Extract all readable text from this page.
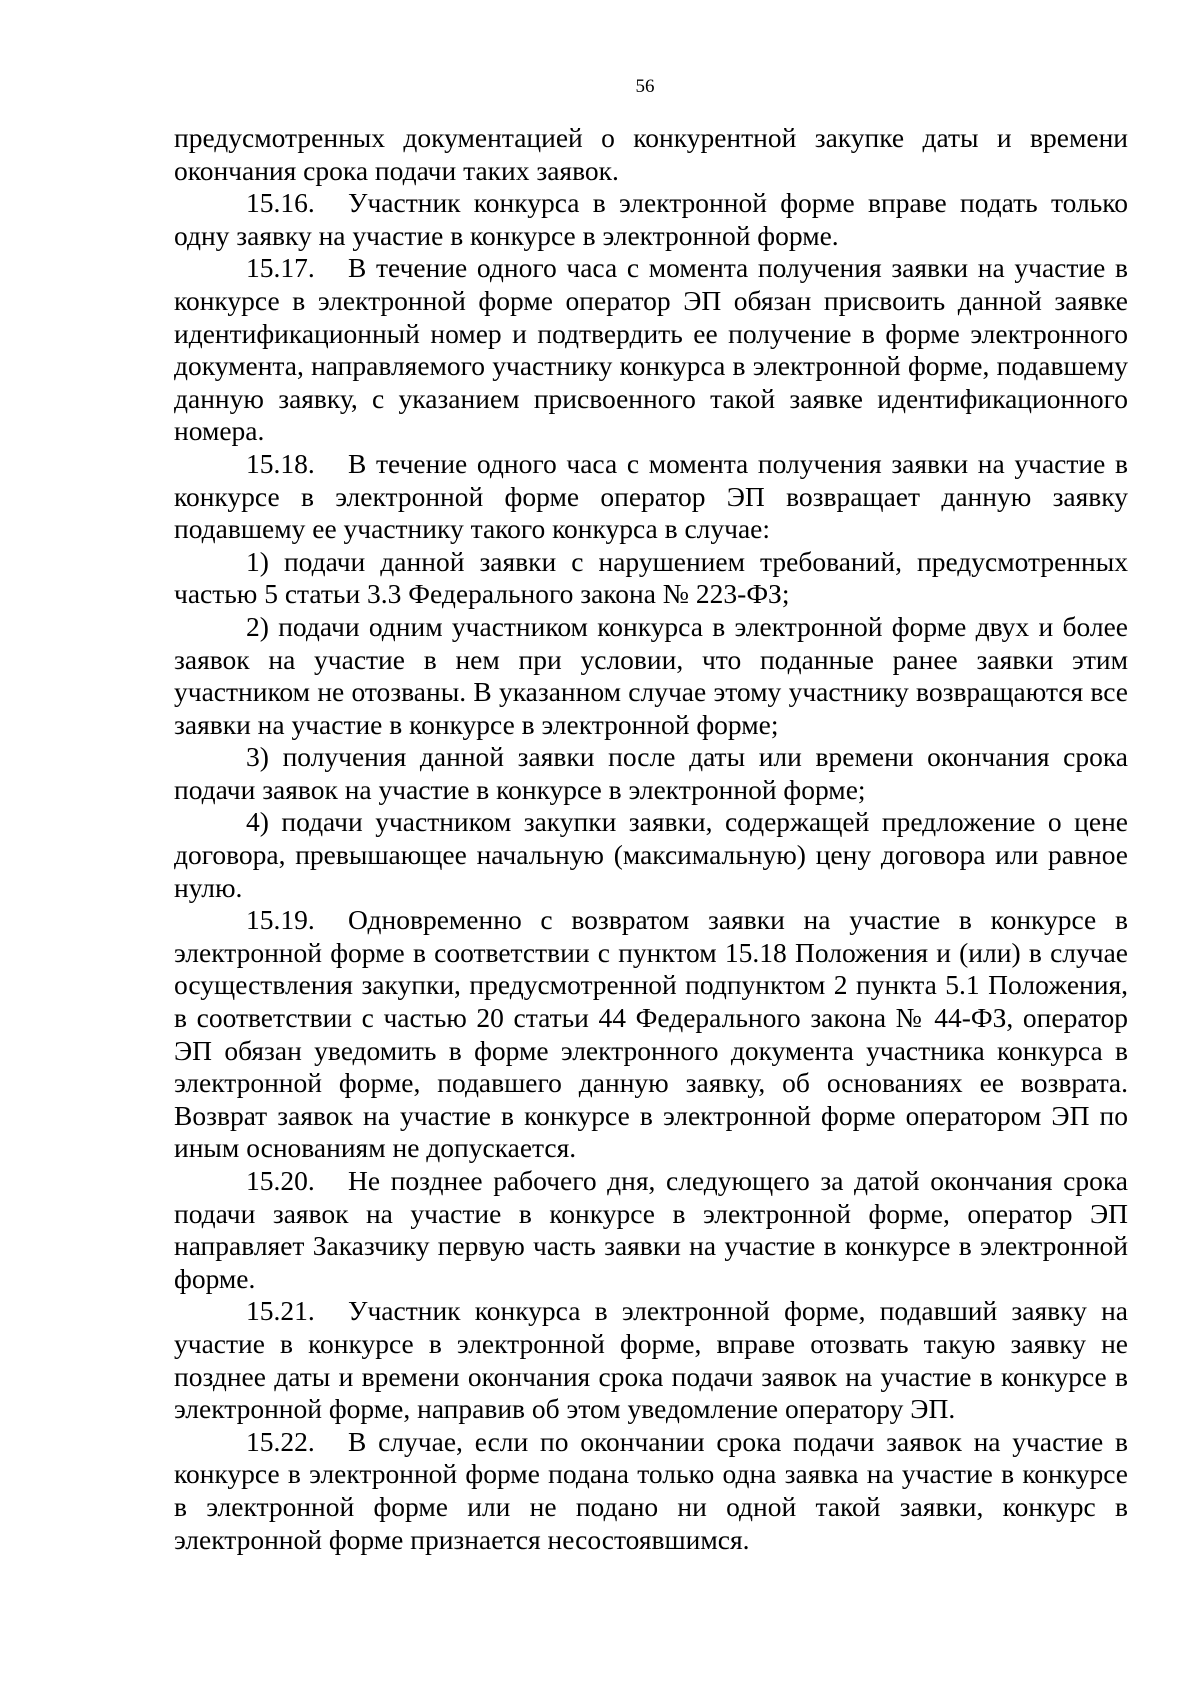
56

предусмотренных документацией о конкурентной закупке даты и времени окончания срока подачи таких заявок.

15.16. Участник конкурса в электронной форме вправе подать только одну заявку на участие в конкурсе в электронной форме.

15.17. В течение одного часа с момента получения заявки на участие в конкурсе в электронной форме оператор ЭП обязан присвоить данной заявке идентификационный номер и подтвердить ее получение в форме электронного документа, направляемого участнику конкурса в электронной форме, подавшему данную заявку, с указанием присвоенного такой заявке идентификационного номера.

15.18. В течение одного часа с момента получения заявки на участие в конкурсе в электронной форме оператор ЭП возвращает данную заявку подавшему ее участнику такого конкурса в случае:

1) подачи данной заявки с нарушением требований, предусмотренных частью 5 статьи 3.3 Федерального закона № 223-ФЗ;

2) подачи одним участником конкурса в электронной форме двух и более заявок на участие в нем при условии, что поданные ранее заявки этим участником не отозваны. В указанном случае этому участнику возвращаются все заявки на участие в конкурсе в электронной форме;

3) получения данной заявки после даты или времени окончания срока подачи заявок на участие в конкурсе в электронной форме;

4) подачи участником закупки заявки, содержащей предложение о цене договора, превышающее начальную (максимальную) цену договора или равное нулю.

15.19. Одновременно с возвратом заявки на участие в конкурсе в электронной форме в соответствии с пунктом 15.18 Положения и (или) в случае осуществления закупки, предусмотренной подпунктом 2 пункта 5.1 Положения, в соответствии с частью 20 статьи 44 Федерального закона № 44-ФЗ, оператор ЭП обязан уведомить в форме электронного документа участника конкурса в электронной форме, подавшего данную заявку, об основаниях ее возврата. Возврат заявок на участие в конкурсе в электронной форме оператором ЭП по иным основаниям не допускается.

15.20. Не позднее рабочего дня, следующего за датой окончания срока подачи заявок на участие в конкурсе в электронной форме, оператор ЭП направляет Заказчику первую часть заявки на участие в конкурсе в электронной форме.

15.21. Участник конкурса в электронной форме, подавший заявку на участие в конкурсе в электронной форме, вправе отозвать такую заявку не позднее даты и времени окончания срока подачи заявок на участие в конкурсе в электронной форме, направив об этом уведомление оператору ЭП.

15.22. В случае, если по окончании срока подачи заявок на участие в конкурсе в электронной форме подана только одна заявка на участие в конкурсе в электронной форме или не подано ни одной такой заявки, конкурс в электронной форме признается несостоявшимся.
